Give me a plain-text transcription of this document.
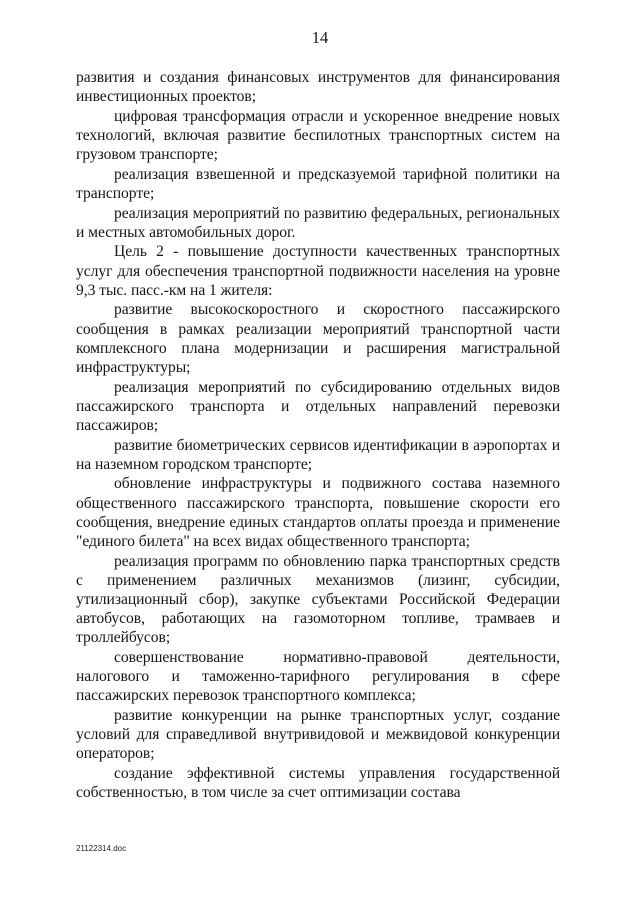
14

развития и создания финансовых инструментов для финансирования инвестиционных проектов;

цифровая трансформация отрасли и ускоренное внедрение новых технологий, включая развитие беспилотных транспортных систем на грузовом транспорте;

реализация взвешенной и предсказуемой тарифной политики на транспорте;

реализация мероприятий по развитию федеральных, региональных и местных автомобильных дорог.

Цель 2 - повышение доступности качественных транспортных услуг для обеспечения транспортной подвижности населения на уровне 9,3 тыс. пасс.-км на 1 жителя:

развитие высокоскоростного и скоростного пассажирского сообщения в рамках реализации мероприятий транспортной части комплексного плана модернизации и расширения магистральной инфраструктуры;

реализация мероприятий по субсидированию отдельных видов пассажирского транспорта и отдельных направлений перевозки пассажиров;

развитие биометрических сервисов идентификации в аэропортах и на наземном городском транспорте;

обновление инфраструктуры и подвижного состава наземного общественного пассажирского транспорта, повышение скорости его сообщения, внедрение единых стандартов оплаты проезда и применение "единого билета" на всех видах общественного транспорта;

реализация программ по обновлению парка транспортных средств с применением различных механизмов (лизинг, субсидии, утилизационный сбор), закупке субъектами Российской Федерации автобусов, работающих на газомоторном топливе, трамваев и троллейбусов;

совершенствование нормативно-правовой деятельности, налогового и таможенно-тарифного регулирования в сфере пассажирских перевозок транспортного комплекса;

развитие конкуренции на рынке транспортных услуг, создание условий для справедливой внутривидовой и межвидовой конкуренции операторов;

создание эффективной системы управления государственной собственностью, в том числе за счет оптимизации состава

21122314.doc
